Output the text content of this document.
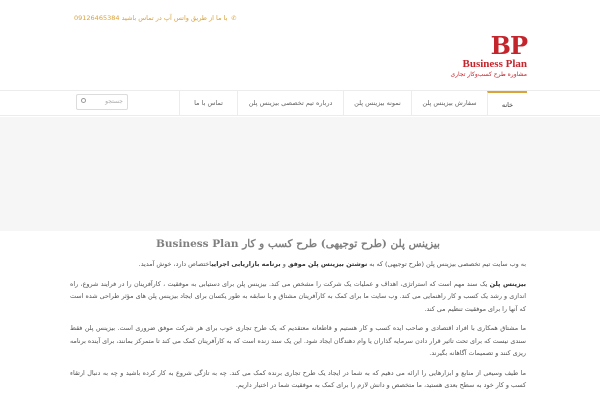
✆با ما از طریق واتس آپ در تماس باشید 09126465384
BP
Business Plan
مشاوره طرح کسب‌وکار تجاری
خانه
سفارش بیزینس پلن
نمونه بیزینس پلن
درباره تیم تخصصی بیزینس پلن
تماس با ما
جستجو
بیزینس پلن (طرح توجیهی) طرح کسب و کار Business Plan

به وب سایت تیم تخصصی بیزینس پلن (طرح توجیهی) که به نوشتن بیزینس پلن موفق و برنامه بازاریابی اجراییاختصاص دارد، خوش آمدید.

بیزینس پلن یک سند مهم است که استراتژی، اهداف و عملیات یک شرکت را مشخص می کند. بیزینس پلن برای دستیابی به موفقیت ، کارآفرینان را در فرایند شروع، راه اندازی و رشد یک کسب و کار راهنمایی می کند. وب سایت ما برای کمک به کارآفرینان مشتاق و با سابقه به طور یکسان برای ایجاد بیزینس پلن های مؤثر طراحی شده است که آنها را برای موفقیت تنظیم می کند.

ما مشتاق همکاری با افراد اقتصادی و صاحب ایده کسب و کار هستیم و قاطعانه معتقدیم که یک طرح تجاری خوب برای هر شرکت موفق ضروری است. بیزینس پلن فقط سندی نیست که برای تحت تاثیر قرار دادن سرمایه گذاران یا وام دهندگان ایجاد شود. این یک سند زنده است که به کارآفرینان کمک می کند تا متمرکز بمانند، برای آینده برنامه ریزی کنند و تصمیمات آگاهانه بگیرند.

ما طیف وسیعی از منابع و ابزارهایی را ارائه می دهیم که به شما در ایجاد یک طرح تجاری برنده کمک می کند. چه به تازگی شروع به کار کرده باشید و چه به دنبال ارتقاء کسب و کار خود به سطح بعدی هستید، ما متخصص و دانش لازم را برای کمک به موفقیت شما در اختیار داریم.
